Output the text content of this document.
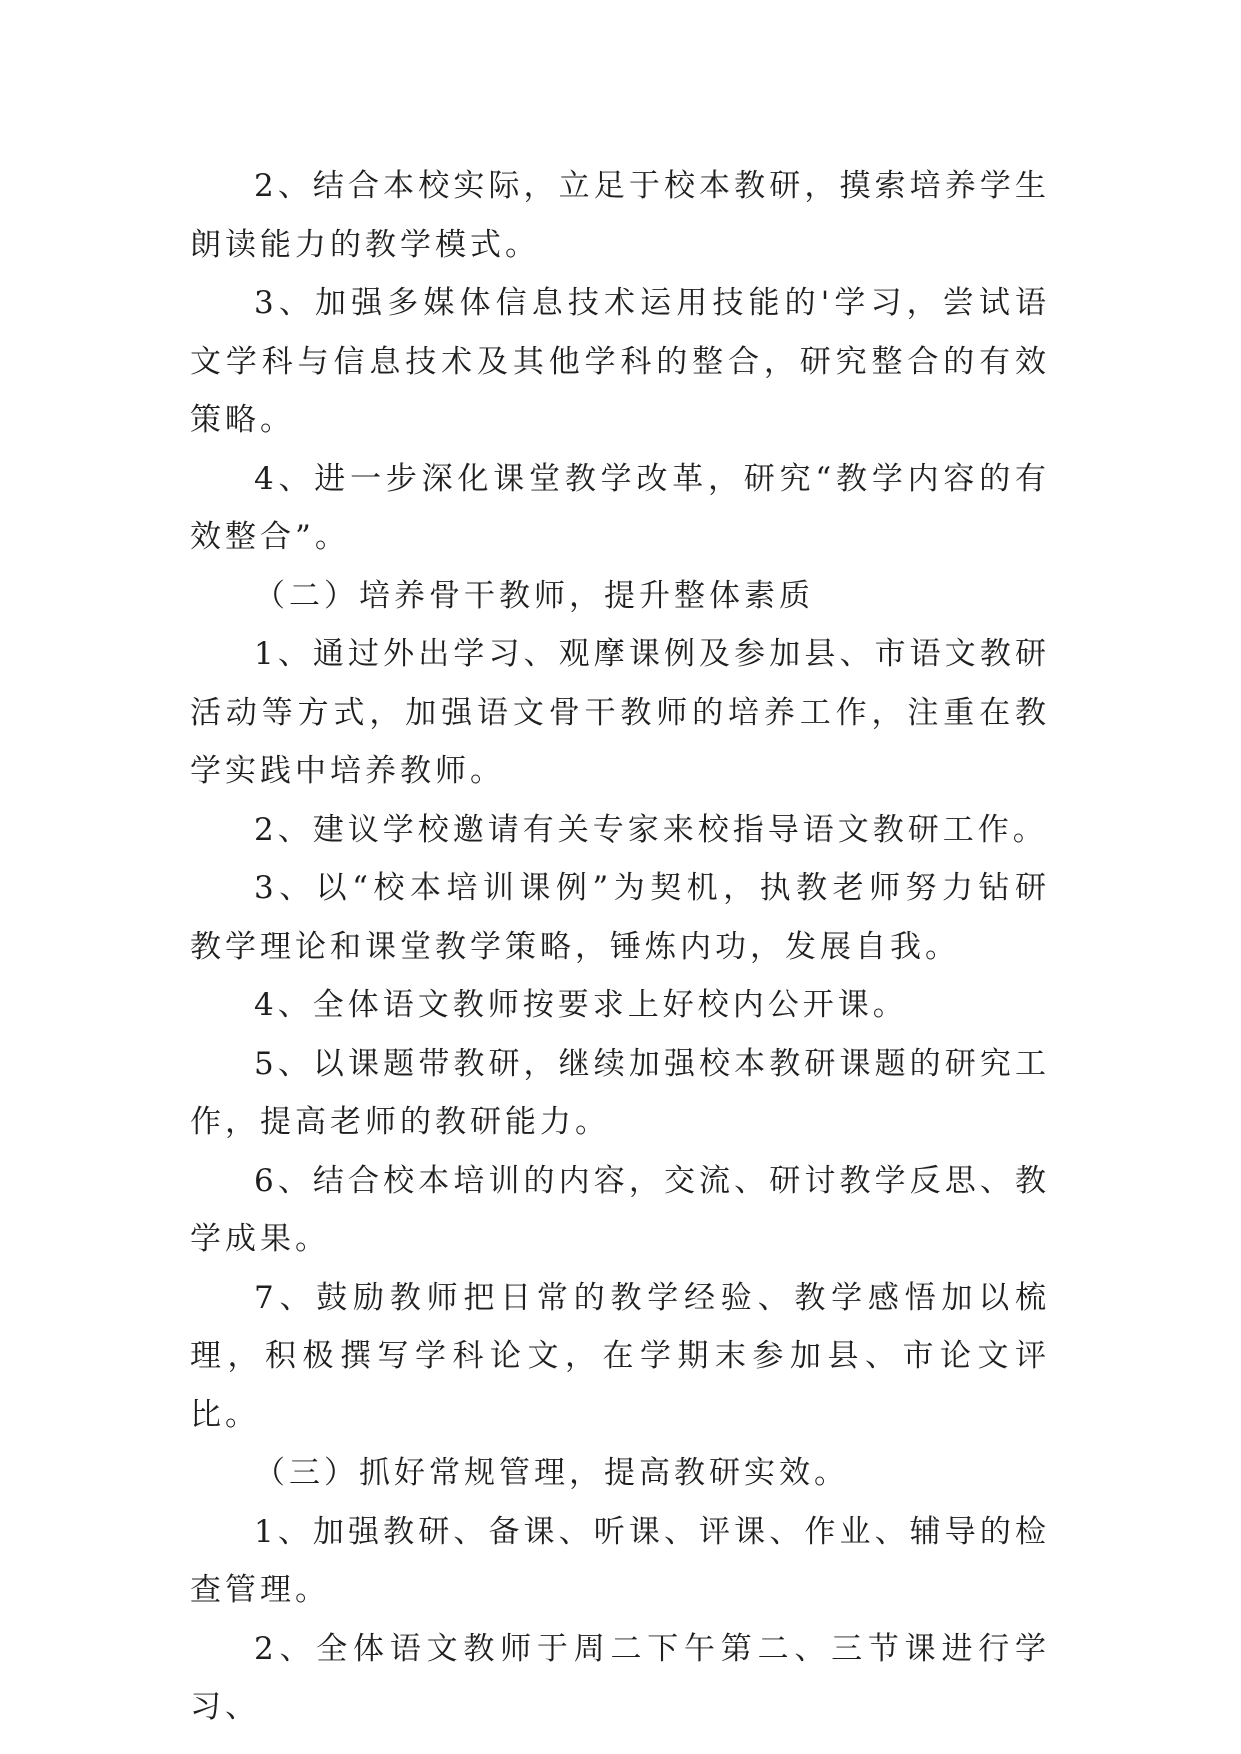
2、结合本校实际，立足于校本教研，摸索培养学生朗读能力的教学模式。

3、加强多媒体信息技术运用技能的'学习，尝试语文学科与信息技术及其他学科的整合，研究整合的有效策略。

4、进一步深化课堂教学改革，研究“教学内容的有效整合”。

（二）培养骨干教师，提升整体素质

1、通过外出学习、观摩课例及参加县、市语文教研活动等方式，加强语文骨干教师的培养工作，注重在教学实践中培养教师。

2、建议学校邀请有关专家来校指导语文教研工作。

3、以“校本培训课例”为契机，执教老师努力钻研教学理论和课堂教学策略，锤炼内功，发展自我。

4、全体语文教师按要求上好校内公开课。

5、以课题带教研，继续加强校本教研课题的研究工作，提高老师的教研能力。

6、结合校本培训的内容，交流、研讨教学反思、教学成果。

7、鼓励教师把日常的教学经验、教学感悟加以梳理，积极撰写学科论文，在学期末参加县、市论文评比。

（三）抓好常规管理，提高教研实效。

1、加强教研、备课、听课、评课、作业、辅导的检查管理。

2、全体语文教师于周二下午第二、三节课进行学习、
